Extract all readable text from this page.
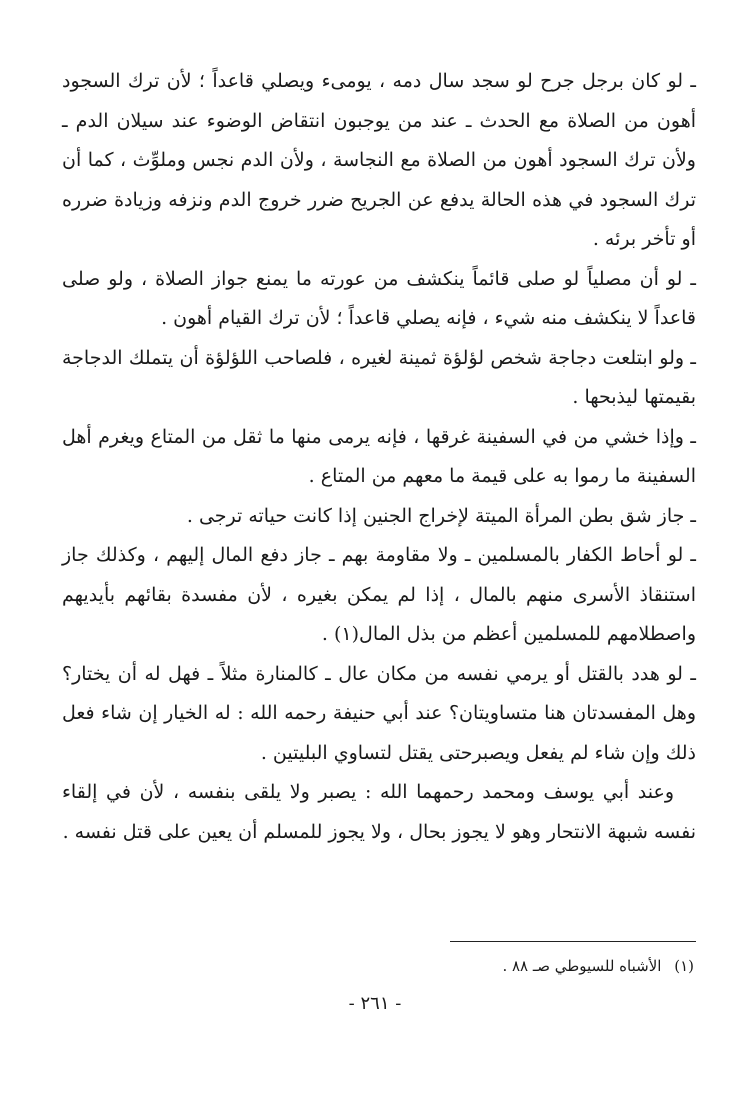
ـ لو كان برجل جرح لو سجد سال دمه ، يومىء ويصلي قاعداً ؛ لأن ترك السجود أهون من الصلاة مع الحدث ـ عند من يوجبون انتقاض الوضوء عند سيلان الدم ـ ولأن ترك السجود أهون من الصلاة مع النجاسة ، ولأن الدم نجس وملوِّث ، كما أن ترك السجود في هذه الحالة يدفع عن الجريح ضرر خروج الدم ونزفه وزيادة ضرره أو تأخر برئه .

ـ لو أن مصلياً لو صلى قائماً ينكشف من عورته ما يمنع جواز الصلاة ، ولو صلى قاعداً لا ينكشف منه شيء ، فإنه يصلي قاعداً ؛ لأن ترك القيام أهون .

ـ ولو ابتلعت دجاجة شخص لؤلؤة ثمينة لغيره ، فلصاحب اللؤلؤة أن يتملك الدجاجة بقيمتها ليذبحها .

ـ وإذا خشي من في السفينة غرقها ، فإنه يرمى منها ما ثقل من المتاع ويغرم أهل السفينة ما رموا به على قيمة ما معهم من المتاع .

ـ جاز شق بطن المرأة الميتة لإخراج الجنين إذا كانت حياته ترجى .

ـ لو أحاط الكفار بالمسلمين ـ ولا مقاومة بهم ـ جاز دفع المال إليهم ، وكذلك جاز استنقاذ الأسرى منهم بالمال ، إذا لم يمكن بغيره ، لأن مفسدة بقائهم بأيديهم واصطلامهم للمسلمين أعظم من بذل المال(١) .

ـ لو هدد بالقتل أو يرمي نفسه من مكان عال ـ كالمنارة مثلاً ـ فهل له أن يختار؟ وهل المفسدتان هنا متساويتان؟ عند أبي حنيفة رحمه الله : له الخيار إن شاء فعل ذلك وإن شاء لم يفعل ويصبرحتى يقتل لتساوي البليتين .

وعند أبي يوسف ومحمد رحمهما الله : يصبر ولا يلقى بنفسه ، لأن في إلقاء نفسه شبهة الانتحار وهو لا يجوز بحال ، ولا يجوز للمسلم أن يعين على قتل نفسه .

(١) الأشباه للسيوطي صـ ٨٨ .
- ٢٦١ -
